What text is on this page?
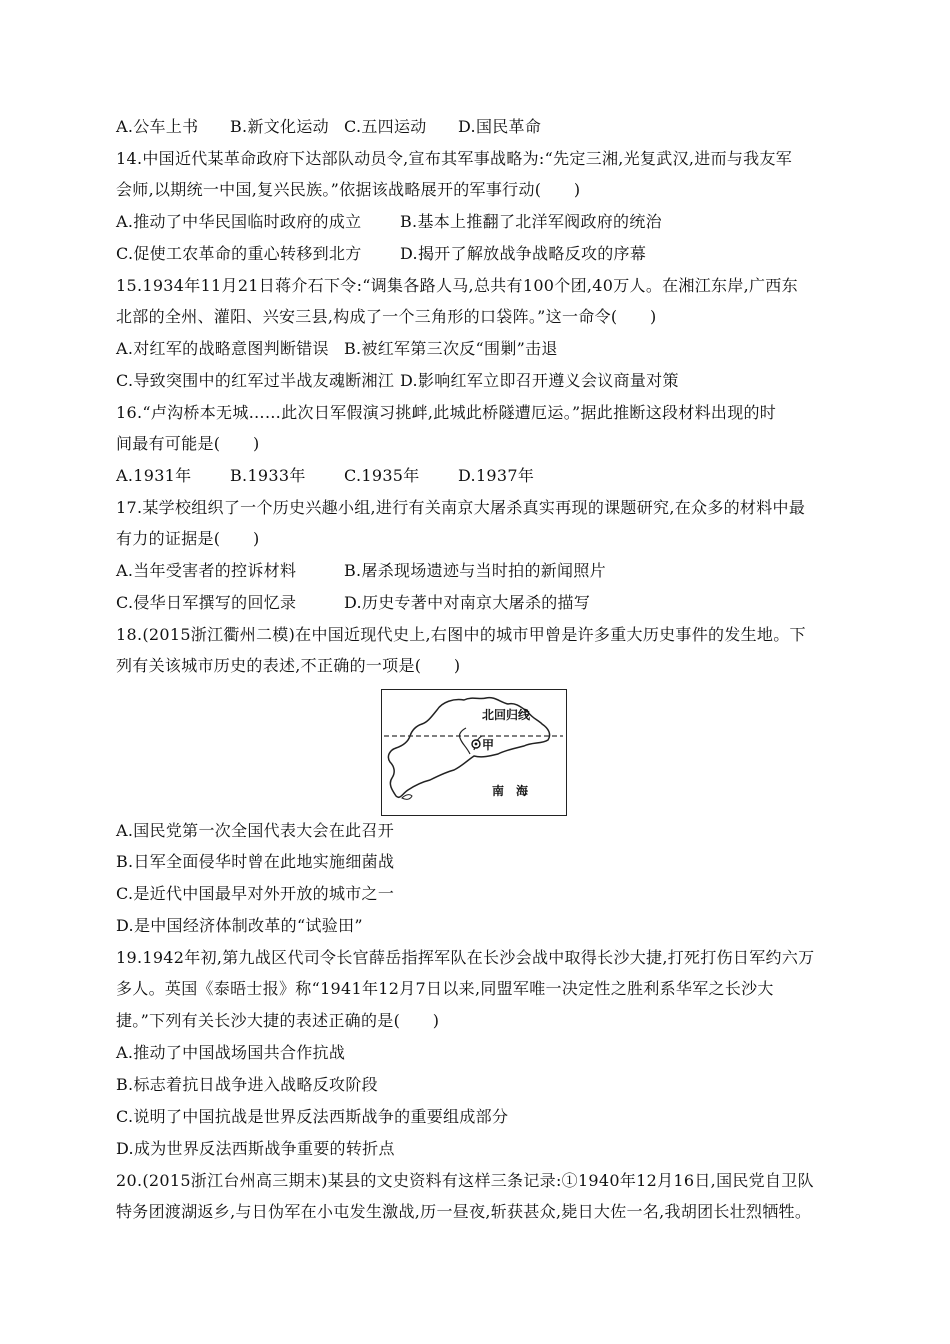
A.公车上书 B.新文化运动 C.五四运动 D.国民革命
14.中国近代某革命政府下达部队动员令,宣布其军事战略为:“先定三湘,光复武汉,进而与我友军
会师,以期统一中国,复兴民族。”依据该战略展开的军事行动(　　)
A.推动了中华民国临时政府的成立 B.基本上推翻了北洋军阀政府的统治
C.促使工农革命的重心转移到北方 D.揭开了解放战争战略反攻的序幕
15.1934年11月21日蒋介石下令:“调集各路人马,总共有100个团,40万人。在湘江东岸,广西东
北部的全州、灌阳、兴安三县,构成了一个三角形的口袋阵。”这一命令(　　)
A.对红军的战略意图判断错误 B.被红军第三次反“围剿”击退
C.导致突围中的红军过半战友魂断湘江 D.影响红军立即召开遵义会议商量对策
16.“卢沟桥本无城……此次日军假演习挑衅,此城此桥隧遭厄运。”据此推断这段材料出现的时
间最有可能是(　　)
A.1931年 B.1933年 C.1935年 D.1937年
17.某学校组织了一个历史兴趣小组,进行有关南京大屠杀真实再现的课题研究,在众多的材料中最
有力的证据是(　　)
A.当年受害者的控诉材料	B.屠杀现场遗迹与当时拍的新闻照片
C.侵华日军撰写的回忆录	D.历史专著中对南京大屠杀的描写
18.(2015浙江衢州二模)在中国近现代史上,右图中的城市甲曾是许多重大历史事件的发生地。下
列有关该城市历史的表述,不正确的一项是(　　)
北回归线
甲
南　海
A.国民党第一次全国代表大会在此召开
B.日军全面侵华时曾在此地实施细菌战
C.是近代中国最早对外开放的城市之一
D.是中国经济体制改革的“试验田”
19.1942年初,第九战区代司令长官薛岳指挥军队在长沙会战中取得长沙大捷,打死打伤日军约六万
多人。英国《泰晤士报》称“1941年12月7日以来,同盟军唯一决定性之胜利系华军之长沙大
捷。”下列有关长沙大捷的表述正确的是(　　)
A.推动了中国战场国共合作抗战
B.标志着抗日战争进入战略反攻阶段
C.说明了中国抗战是世界反法西斯战争的重要组成部分
D.成为世界反法西斯战争重要的转折点
20.(2015浙江台州高三期末)某县的文史资料有这样三条记录:①1940年12月16日,国民党自卫队
特务团渡湖返乡,与日伪军在小屯发生激战,历一昼夜,斩获甚众,毙日大佐一名,我胡团长壮烈牺牲。
